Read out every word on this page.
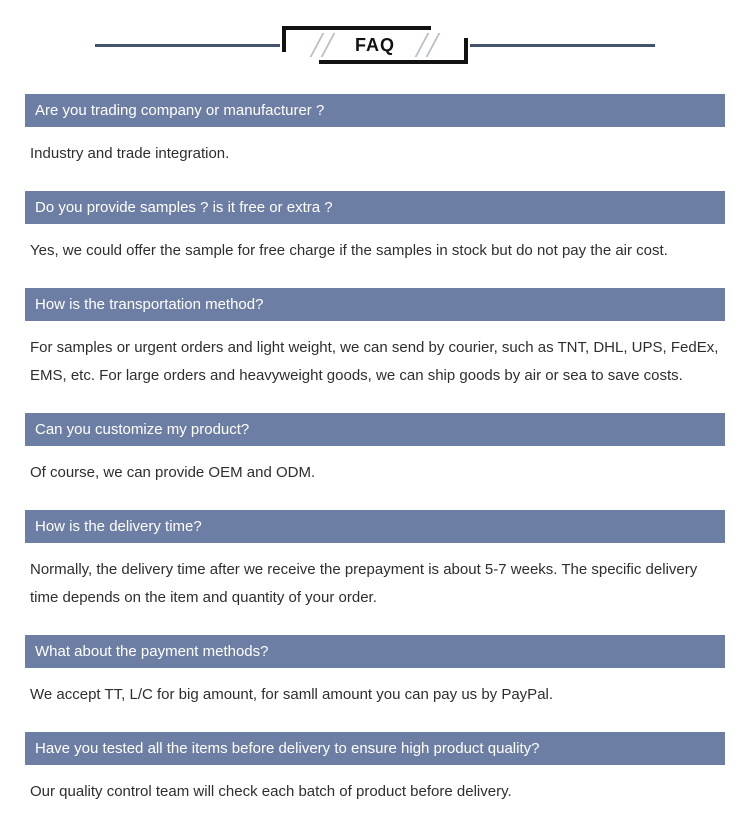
FAQ
Are you trading company or manufacturer ?

Industry and trade integration.

Do you provide samples ? is it free or extra ?

Yes, we could offer the sample for free charge if the samples in stock but do not pay the air cost.

How is the transportation method?

For samples or urgent orders and light weight, we can send by courier, such as TNT, DHL, UPS, FedEx, EMS, etc. For large orders and heavyweight goods, we can ship goods by air or sea to save costs.

Can you customize my product?

Of course, we can provide OEM and ODM.

How is the delivery time?

Normally, the delivery time after we receive the prepayment is about 5-7 weeks. The specific delivery time depends on the item and quantity of your order.

What about the payment methods?

We accept TT, L/C for big amount, for samll amount you can pay us by PayPal.

Have you tested all the items before delivery to ensure high product quality?

Our quality control team will check each batch of product before delivery.
